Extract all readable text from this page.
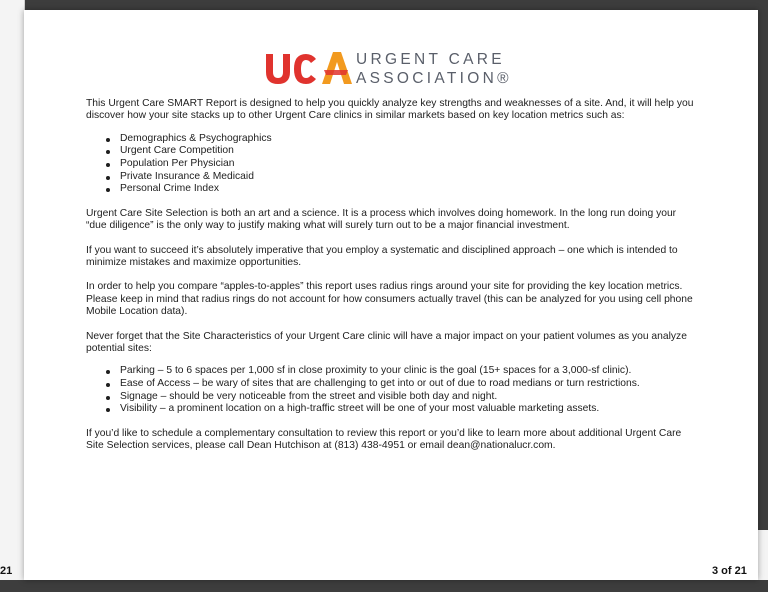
URGENT CARE
ASSOCIATION®

This Urgent Care SMART Report is designed to help you quickly analyze key strengths and weaknesses of a site. And, it will help you discover how your site stacks up to other Urgent Care clinics in similar markets based on key location metrics such as:

Demographics & Psychographics
Urgent Care Competition
Population Per Physician
Private Insurance & Medicaid
Personal Crime Index

Urgent Care Site Selection is both an art and a science. It is a process which involves doing homework. In the long run doing your “due diligence” is the only way to justify making what will surely turn out to be a major financial investment.

If you want to succeed it’s absolutely imperative that you employ a systematic and disciplined approach – one which is intended to minimize mistakes and maximize opportunities.

In order to help you compare “apples-to-apples” this report uses radius rings around your site for providing the key location metrics. Please keep in mind that radius rings do not account for how consumers actually travel (this can be analyzed for you using cell phone Mobile Location data).

Never forget that the Site Characteristics of your Urgent Care clinic will have a major impact on your patient volumes as you analyze potential sites:

Parking – 5 to 6 spaces per 1,000 sf in close proximity to your clinic is the goal (15+ spaces for a 3,000-sf clinic).
Ease of Access – be wary of sites that are challenging to get into or out of due to road medians or turn restrictions.
Signage – should be very noticeable from the street and visible both day and night.
Visibility – a prominent location on a high-traffic street will be one of your most valuable marketing assets.

If you’d like to schedule a complementary consultation to review this report or you’d like to learn more about additional Urgent Care Site Selection services, please call Dean Hutchison at (813) 438-4951 or email dean@nationalucr.com.

21	3 of 21
